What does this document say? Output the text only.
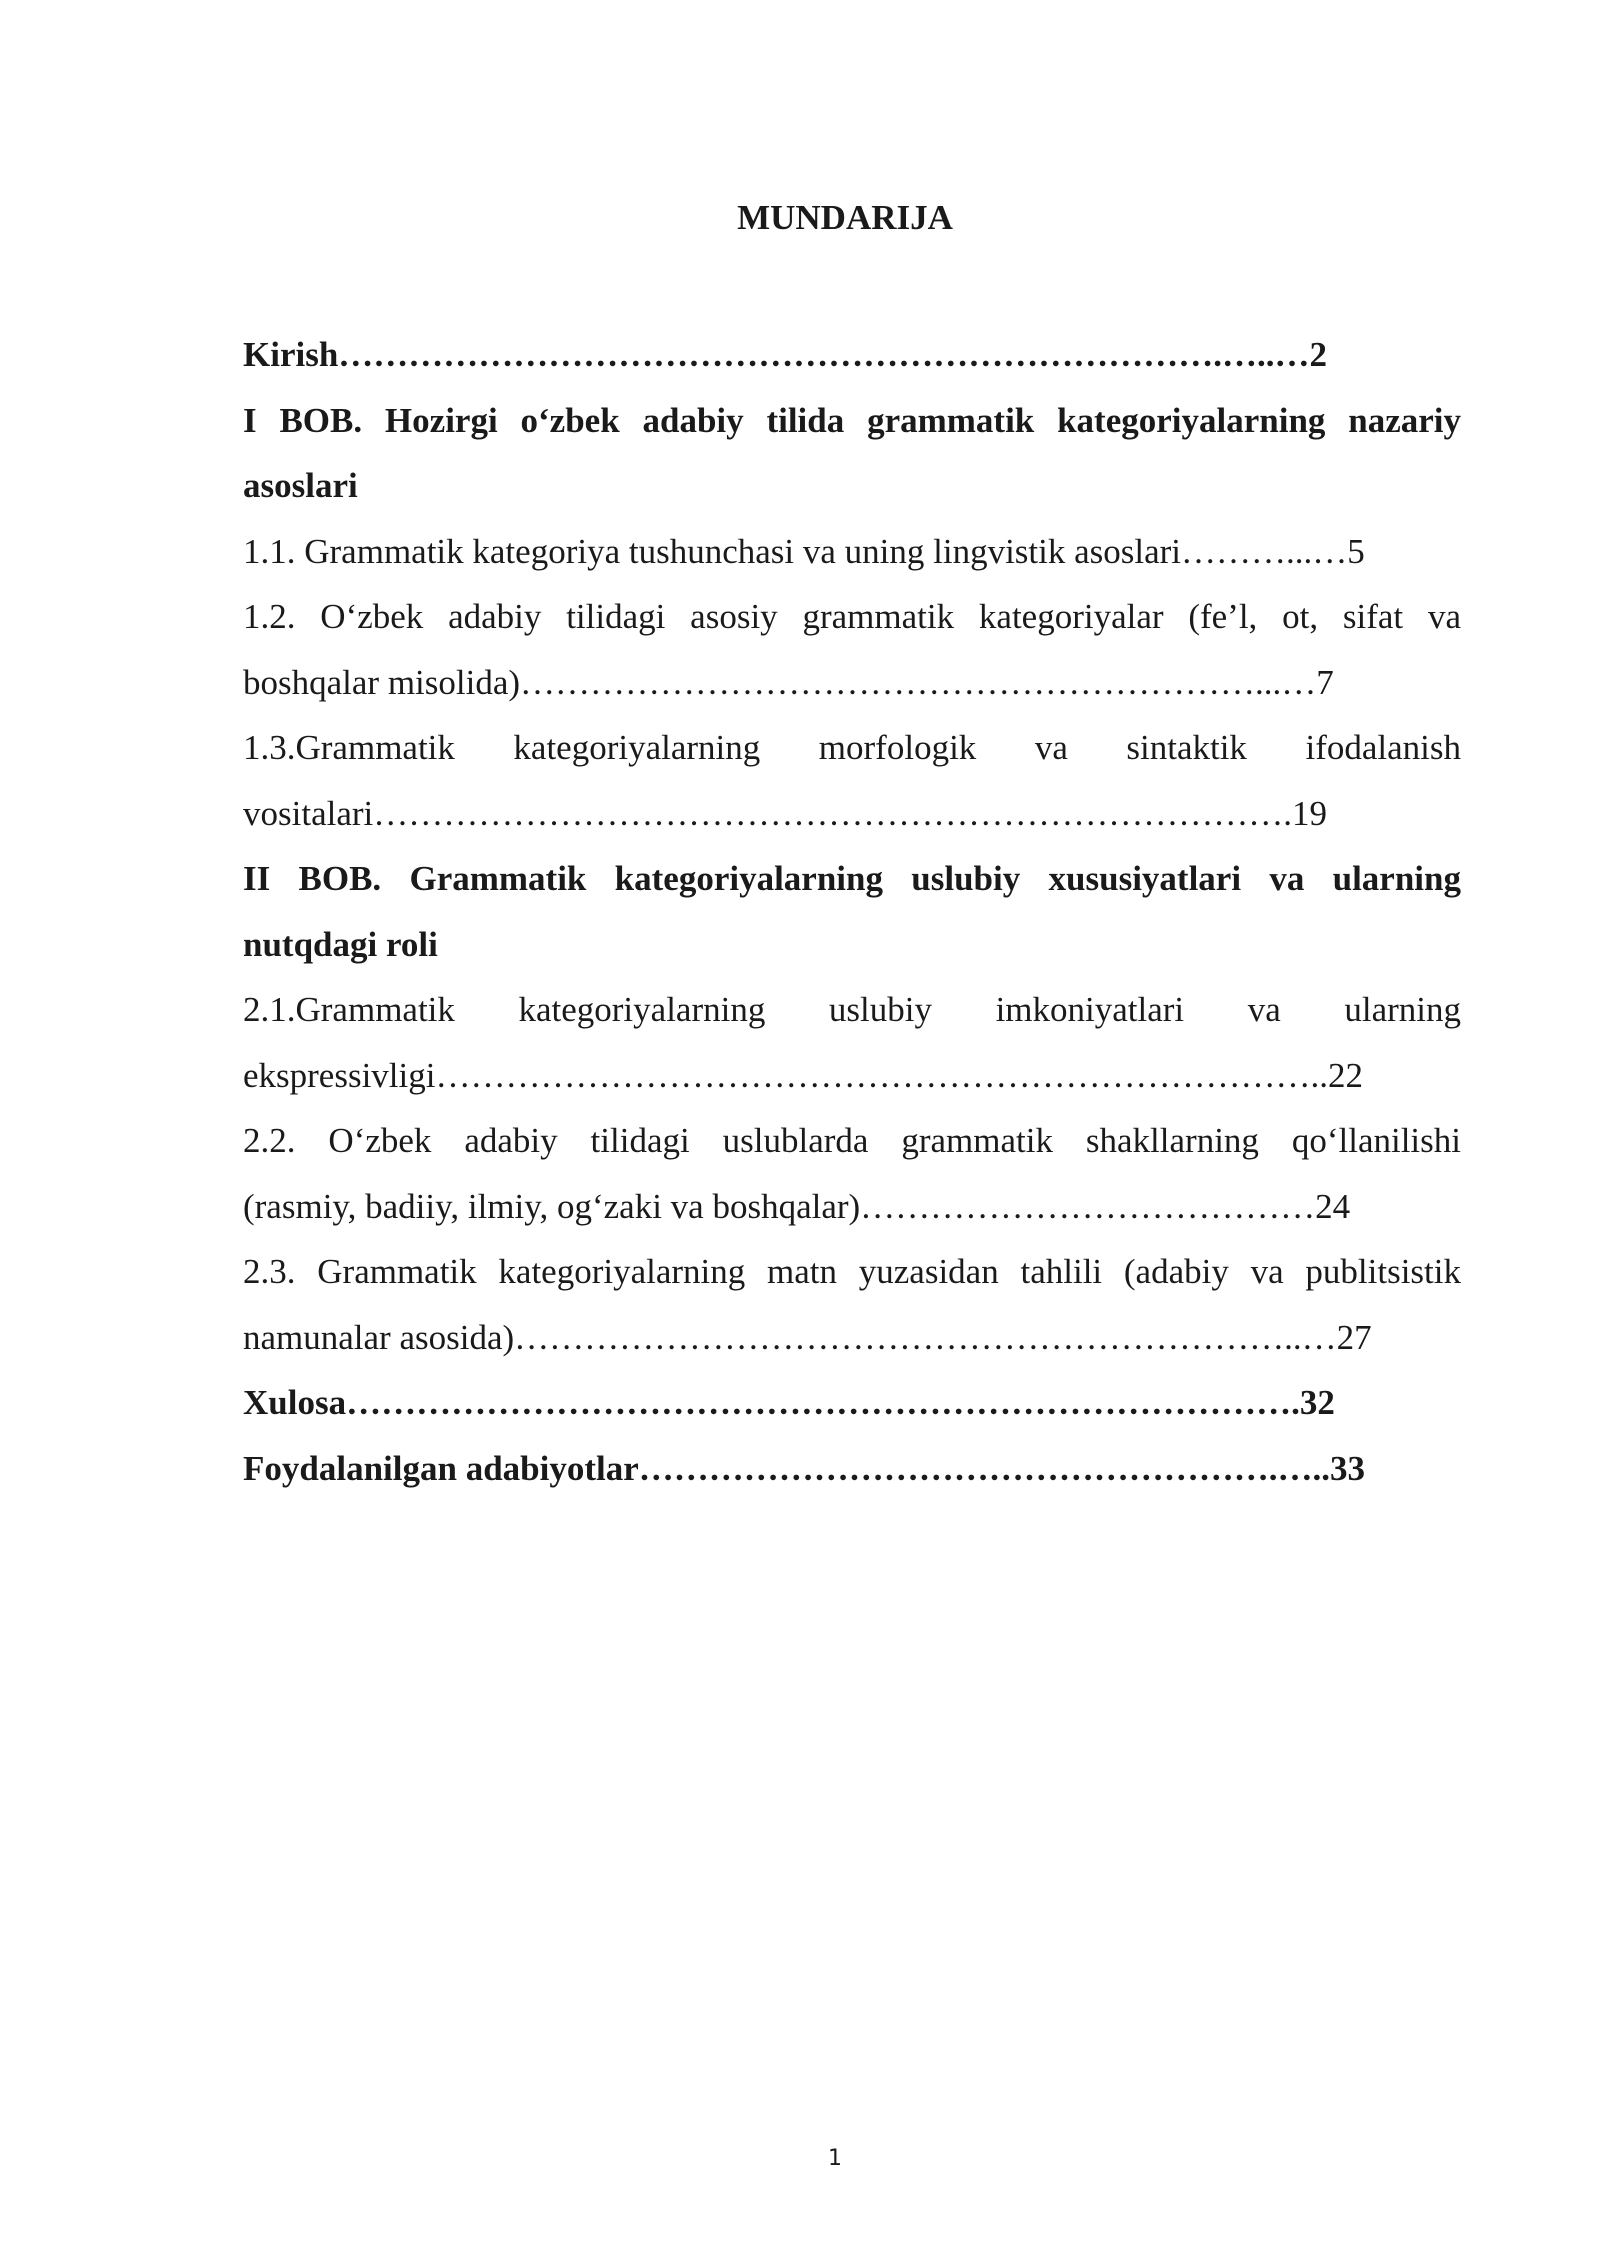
MUNDARIJA
Kirish………………………………………………………………….…..…2
I BOB. Hozirgi o‘zbek adabiy tilida grammatik kategoriyalarning nazariy
asoslari
1.1. Grammatik kategoriya tushunchasi va uning lingvistik asoslari………...…5
1.2. O‘zbek adabiy tilidagi asosiy grammatik kategoriyalar (fe’l, ot, sifat va
boshqalar misolida)………………………………………………………...…7
1.3.Grammatik kategoriyalarning morfologik va sintaktik ifodalanish
vositalari…………………………………………………………………….19
II BOB. Grammatik kategoriyalarning uslubiy xususiyatlari va ularning
nutqdagi roli
2.1.Grammatik kategoriyalarning uslubiy imkoniyatlari va ularning
ekspressivligi…………………………………………………………………..22
2.2. O‘zbek adabiy tilidagi uslublarda grammatik shakllarning qo‘llanilishi
(rasmiy, badiiy, ilmiy, og‘zaki va boshqalar)…………………………………24
2.3. Grammatik kategoriyalarning matn yuzasidan tahlili (adabiy va publitsistik
namunalar asosida)…………………………………………………………..…27
Xulosa……………………………………………………………………….32
Foydalanilgan adabiyotlar……………………………………………….…..33
1
